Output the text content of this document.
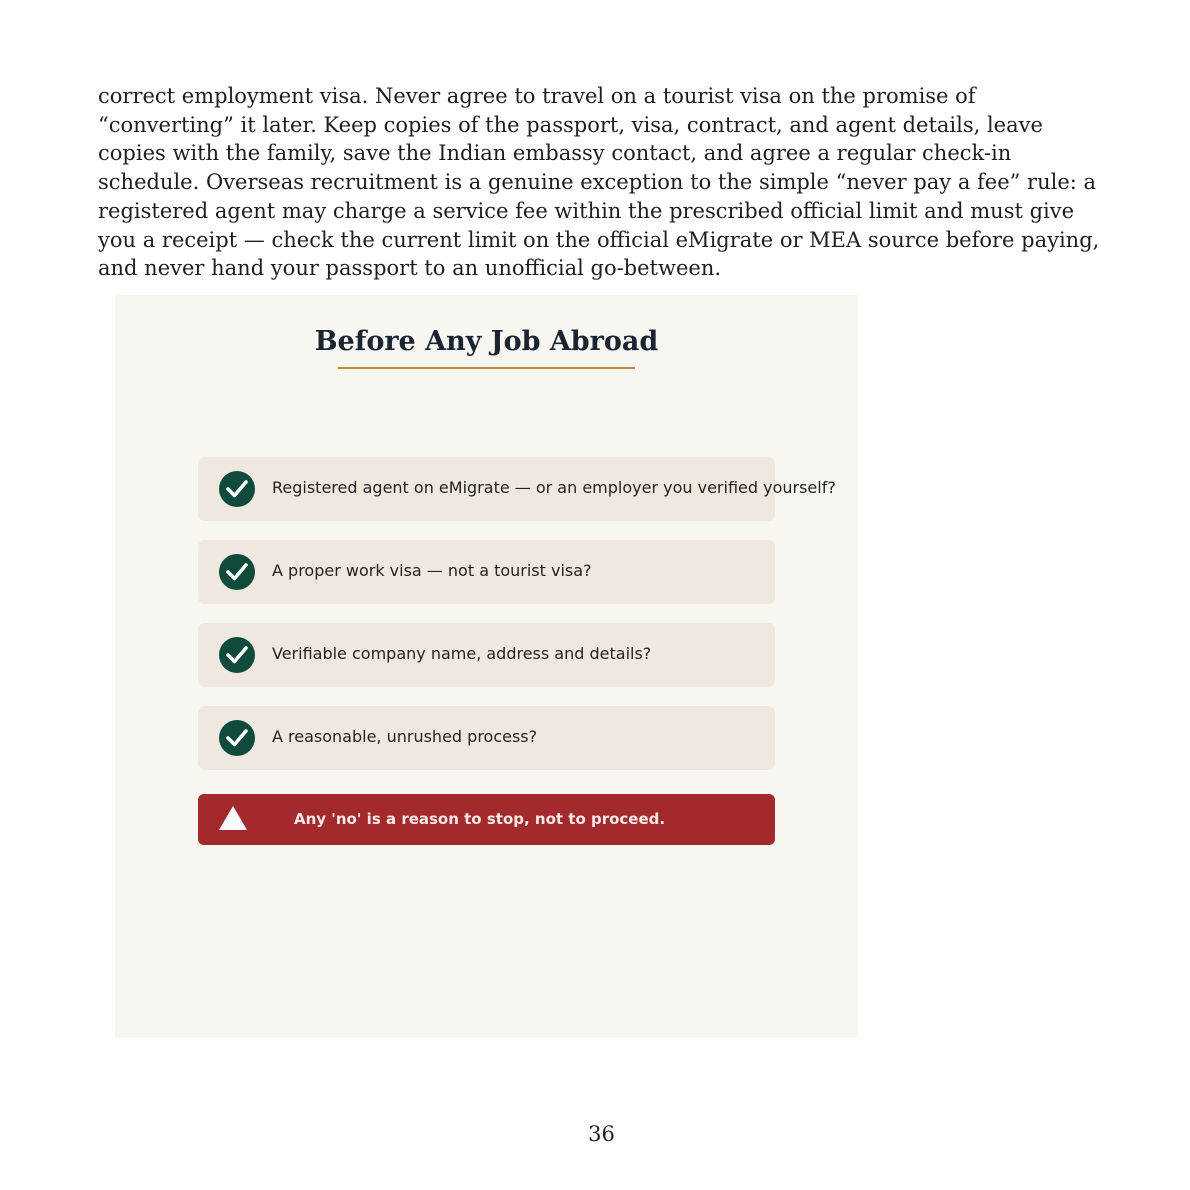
correct employment visa. Never agree to travel on a tourist visa on the promise of “converting” it later. Keep copies of the passport, visa, contract, and agent details, leave copies with the family, save the Indian embassy contact, and agree a regular check-in schedule. Overseas recruitment is a genuine exception to the simple “never pay a fee” rule: a registered agent may charge a service fee within the prescribed official limit and must give you a receipt — check the current limit on the official eMigrate or MEA source before paying, and never hand your passport to an unofficial go-between.

Before Any Job Abroad
Registered agent on eMigrate — or an employer you verified yourself?
A proper work visa — not a tourist visa?
Verifiable company name, address and details?
A reasonable, unrushed process?
Any 'no' is a reason to stop, not to proceed.
36
